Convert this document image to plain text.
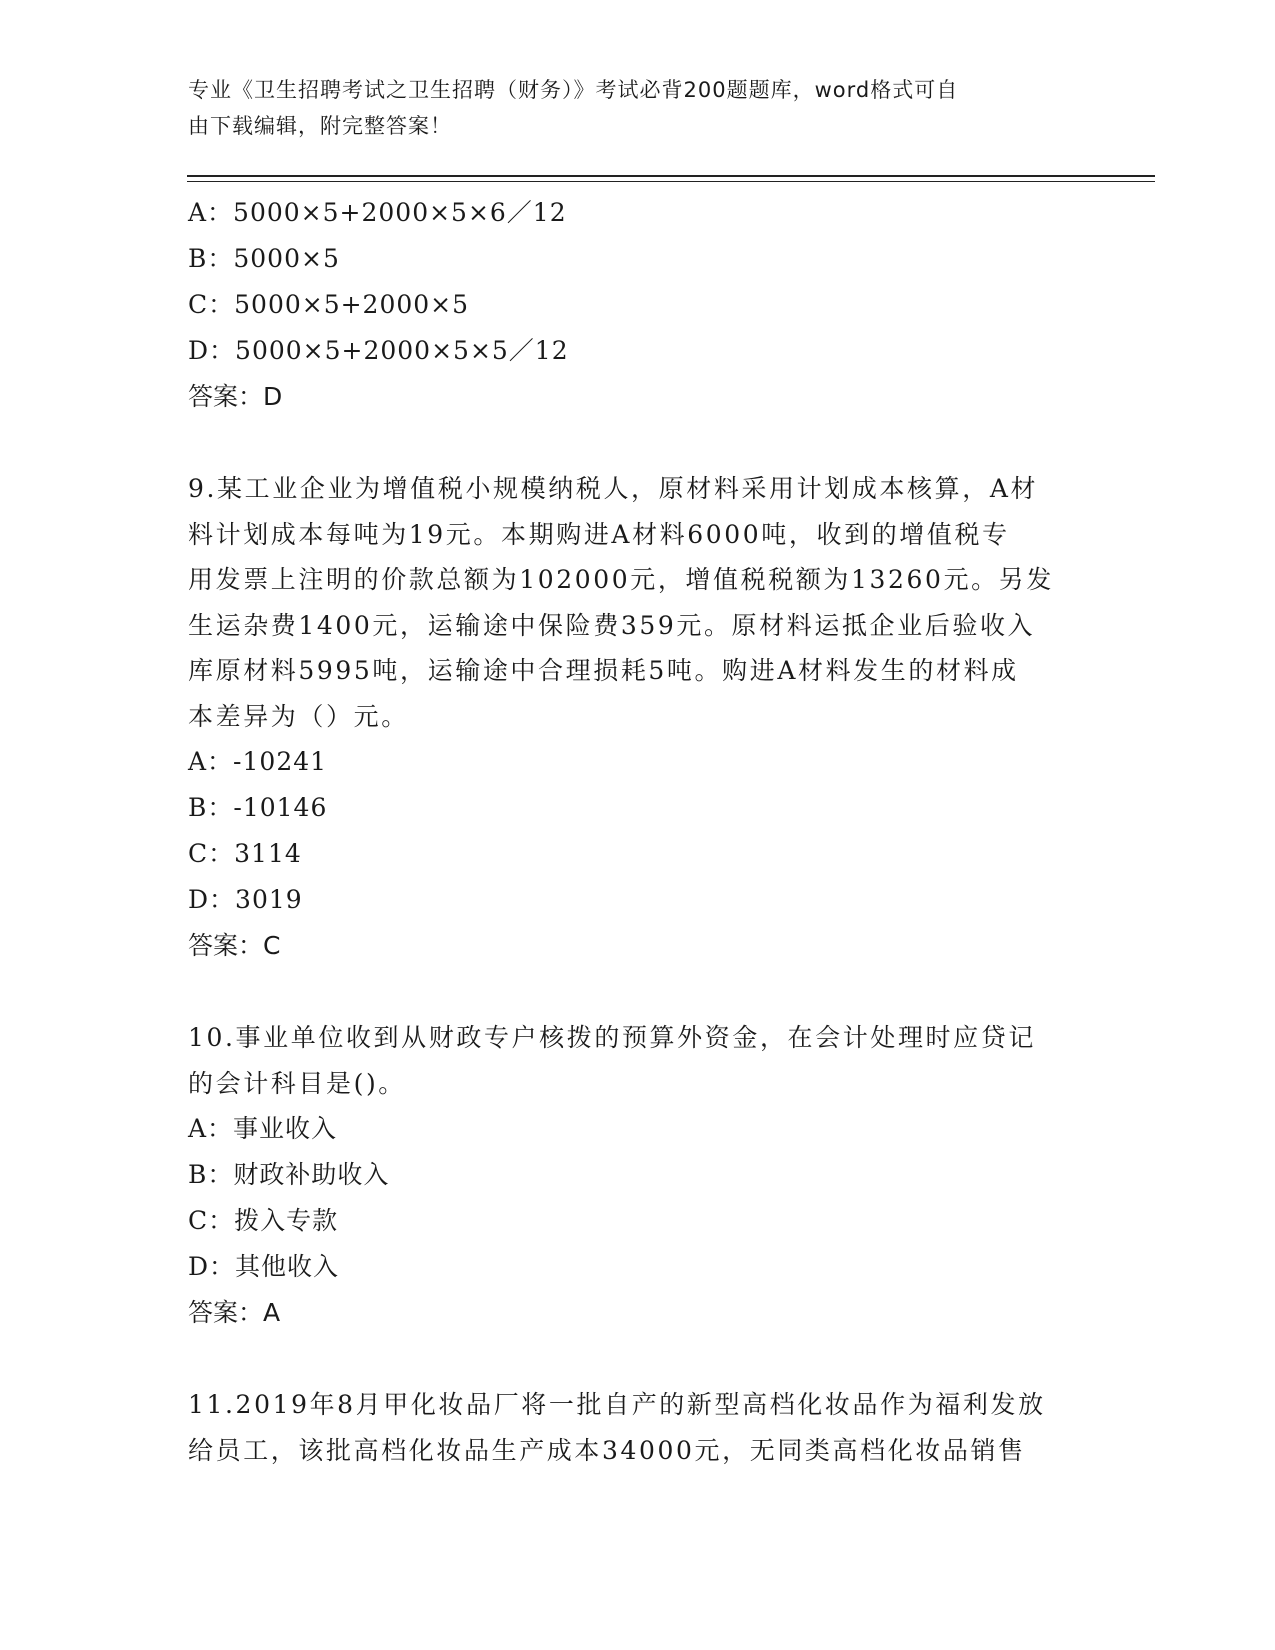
专业《卫生招聘考试之卫生招聘（财务）》考试必背200题题库，word格式可自
由下载编辑，附完整答案！
A：5000×5+2000×5×6／12
B：5000×5
C：5000×5+2000×5
D：5000×5+2000×5×5／12
答案：D
9.某工业企业为增值税小规模纳税人，原材料采用计划成本核算，A材
料计划成本每吨为19元。本期购进A材料6000吨，收到的增值税专
用发票上注明的价款总额为102000元，增值税税额为13260元。另发
生运杂费1400元，运输途中保险费359元。原材料运抵企业后验收入
库原材料5995吨，运输途中合理损耗5吨。购进A材料发生的材料成
本差异为（）元。
A：-10241
B：-10146
C：3114
D：3019
答案：C
10.事业单位收到从财政专户核拨的预算外资金，在会计处理时应贷记
的会计科目是()。
A：事业收入
B：财政补助收入
C：拨入专款
D：其他收入
答案：A
11.2019年8月甲化妆品厂将一批自产的新型高档化妆品作为福利发放
给员工，该批高档化妆品生产成本34000元，无同类高档化妆品销售
